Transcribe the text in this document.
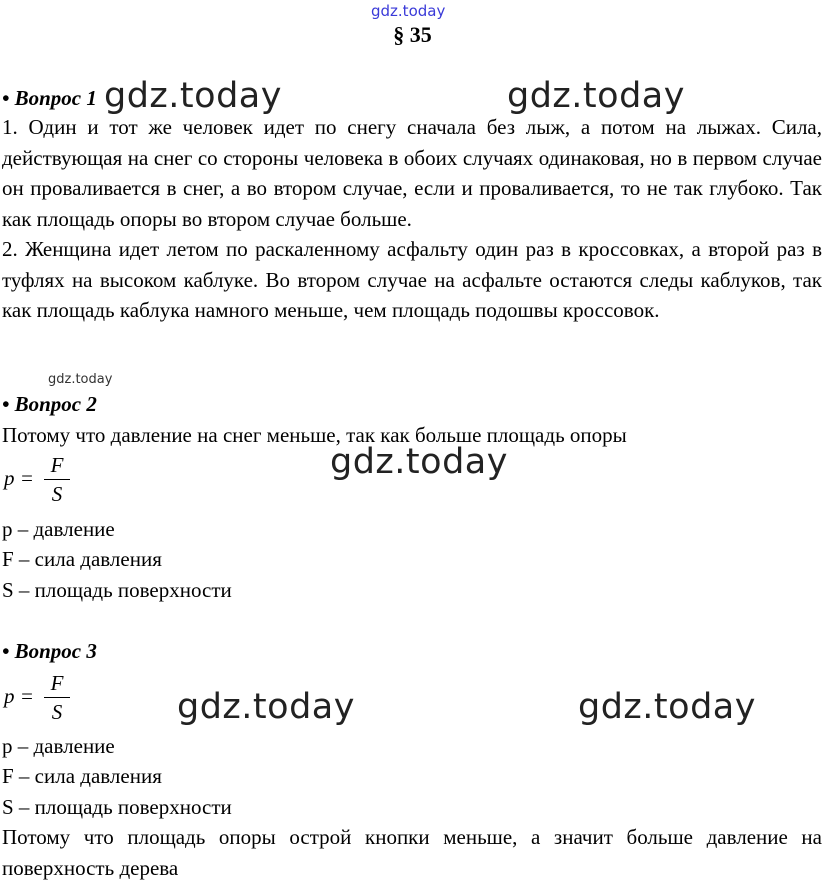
gdz.today
gdz.today	gdz.today
gdz.today
gdz.today
gdz.today	gdz.today
§ 35
• Вопрос 1
1. Один и тот же человек идет по снегу сначала без лыж, а потом на лыжах. Сила, действующая на снег со стороны человека в обоих случаях одинаковая, но в первом случае он проваливается в снег, а во втором случае, если и проваливается, то не так глубоко. Так как площадь опоры во втором случае больше.
2. Женщина идет летом по раскаленному асфальту один раз в кроссовках, а второй раз в туфлях на высоком каблуке. Во втором случае на асфальте остаются следы каблуков, так как площадь каблука намного меньше, чем площадь подошвы кроссовок.
• Вопрос 2
Потому что давление на снег меньше, так как больше площадь опоры
p =
F
S
p – давление
F – сила давления
S – площадь поверхности
• Вопрос 3
p =
F
S
p – давление
F – сила давления
S – площадь поверхности
Потому что площадь опоры острой кнопки меньше, а значит больше давление на поверхность дерева
